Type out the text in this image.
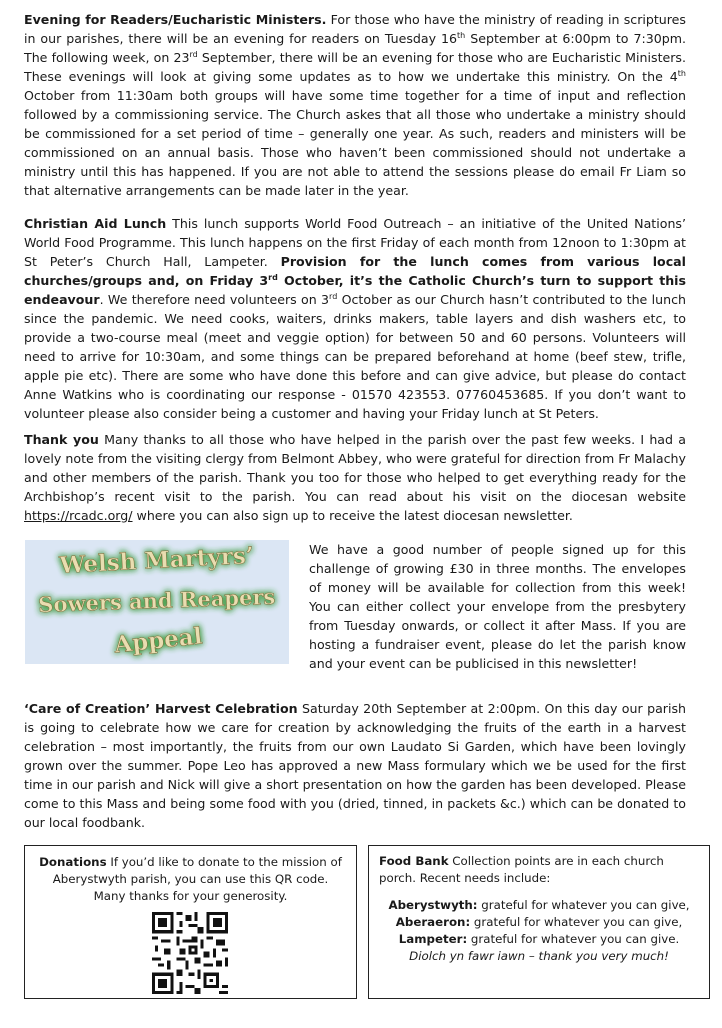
Evening for Readers/Eucharistic Ministers. For those who have the ministry of reading in scriptures in our parishes, there will be an evening for readers on Tuesday 16th September at 6:00pm to 7:30pm. The following week, on 23rd September, there will be an evening for those who are Eucharistic Ministers. These evenings will look at giving some updates as to how we undertake this ministry. On the 4th October from 11:30am both groups will have some time together for a time of input and reflection followed by a commissioning service. The Church askes that all those who undertake a ministry should be commissioned for a set period of time – generally one year. As such, readers and ministers will be commissioned on an annual basis. Those who haven’t been commissioned should not undertake a ministry until this has happened. If you are not able to attend the sessions please do email Fr Liam so that alternative arrangements can be made later in the year.
Christian Aid Lunch This lunch supports World Food Outreach – an initiative of the United Nations’ World Food Programme. This lunch happens on the first Friday of each month from 12noon to 1:30pm at St Peter’s Church Hall, Lampeter. Provision for the lunch comes from various local churches/groups and, on Friday 3rd October, it’s the Catholic Church’s turn to support this endeavour. We therefore need volunteers on 3rd October as our Church hasn’t contributed to the lunch since the pandemic. We need cooks, waiters, drinks makers, table layers and dish washers etc, to provide a two-course meal (meet and veggie option) for between 50 and 60 persons. Volunteers will need to arrive for 10:30am, and some things can be prepared beforehand at home (beef stew, trifle, apple pie etc). There are some who have done this before and can give advice, but please do contact Anne Watkins who is coordinating our response - 01570 423553. 07760453685. If you don’t want to volunteer please also consider being a customer and having your Friday lunch at St Peters.
Thank you Many thanks to all those who have helped in the parish over the past few weeks. I had a lovely note from the visiting clergy from Belmont Abbey, who were grateful for direction from Fr Malachy and other members of the parish. Thank you too for those who helped to get everything ready for the Archbishop’s recent visit to the parish. You can read about his visit on the diocesan website https://rcadc.org/ where you can also sign up to receive the latest diocesan newsletter.
Welsh Martyrs’
Sowers and Reapers
Appeal
We have a good number of people signed up for this challenge of growing £30 in three months. The envelopes of money will be available for collection from this week! You can either collect your envelope from the presbytery from Tuesday onwards, or collect it after Mass. If you are hosting a fundraiser event, please do let the parish know and your event can be publicised in this newsletter!
‘Care of Creation’ Harvest Celebration Saturday 20th September at 2:00pm. On this day our parish is going to celebrate how we care for creation by acknowledging the fruits of the earth in a harvest celebration – most importantly, the fruits from our own Laudato Si Garden, which have been lovingly grown over the summer. Pope Leo has approved a new Mass formulary which we be used for the first time in our parish and Nick will give a short presentation on how the garden has been developed. Please come to this Mass and being some food with you (dried, tinned, in packets &c.) which can be donated to our local foodbank.
Donations If you’d like to donate to the mission of Aberystwyth parish, you can use this QR code. Many thanks for your generosity.
Food Bank Collection points are in each church porch. Recent needs include:
Aberystwyth: grateful for whatever you can give,
Aberaeron: grateful for whatever you can give,
Lampeter: grateful for whatever you can give.
Diolch yn fawr iawn – thank you very much!
